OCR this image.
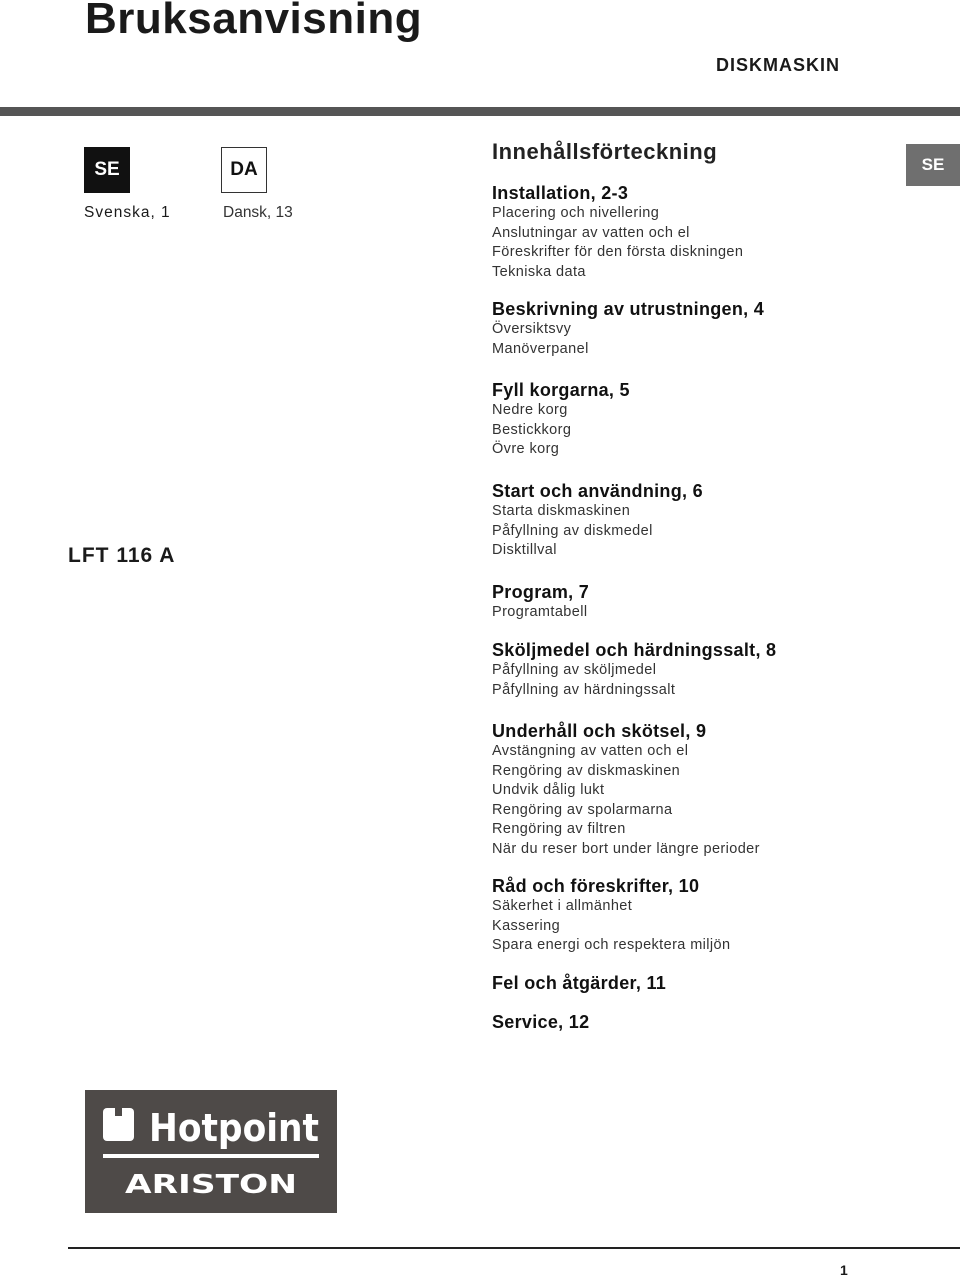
Bruksanvisning
DISKMASKIN
SE	DA
Svenska, 1	Dansk, 13
SE
LFT 116 A
Innehållsförteckning
Installation, 2-3
Placering och nivellering
Anslutningar av vatten och el
Föreskrifter för den första diskningen
Tekniska data
Beskrivning av utrustningen, 4
Översiktsvy
Manöverpanel
Fyll korgarna, 5
Nedre korg
Bestickkorg
Övre korg
Start och användning, 6
Starta diskmaskinen
Påfyllning av diskmedel
Disktillval
Program, 7
Programtabell
Sköljmedel och härdningssalt, 8
Påfyllning av sköljmedel
Påfyllning av härdningssalt
Underhåll och skötsel, 9
Avstängning av vatten och el
Rengöring av diskmaskinen
Undvik dålig lukt
Rengöring av spolarmarna
Rengöring av filtren
När du reser bort under längre perioder
Råd och föreskrifter, 10
Säkerhet i allmänhet
Kassering
Spara energi och respektera miljön
Fel och åtgärder, 11
Service, 12
Hotpoint
ARISTON
1
